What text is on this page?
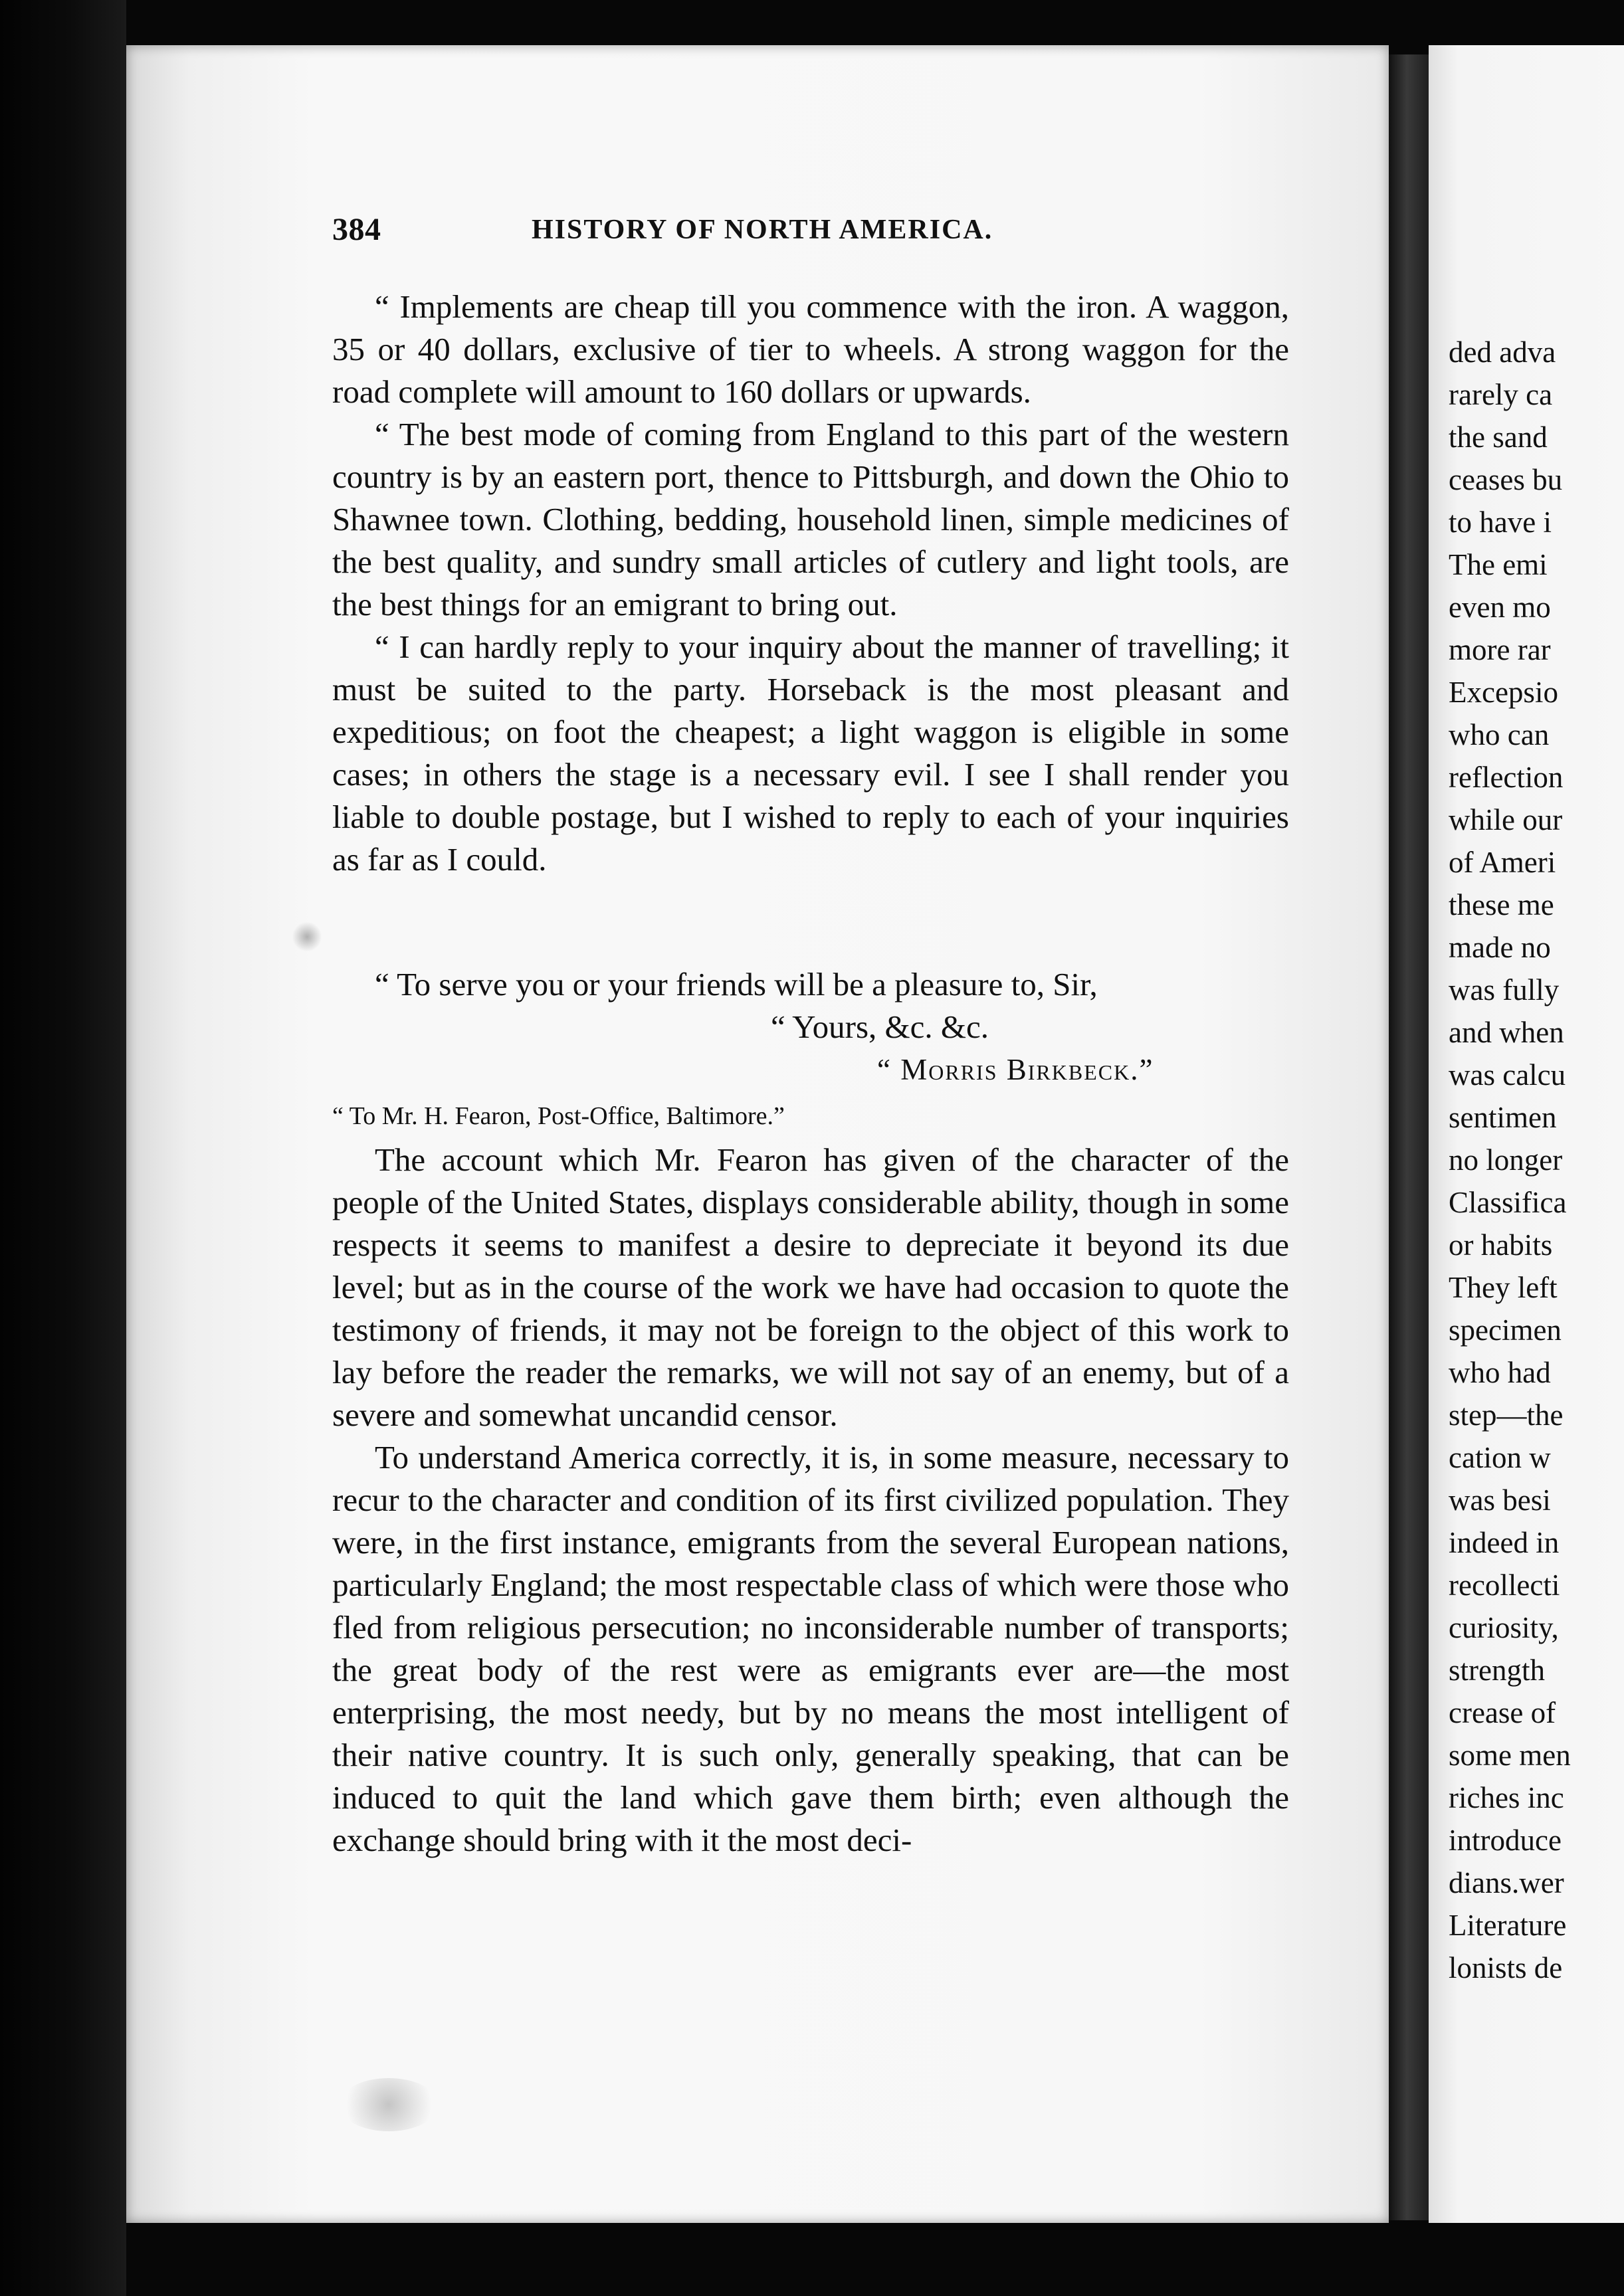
ded adva
rarely ca
the sand
ceases bu
to have i
The emi
even mo
more rar
Excepsio
who can
reflection
while our
of Ameri
these me
made no
was fully
and when
was calcu
sentimen
no longer
Classifica
or habits
They left
specimen
who had
step—the
cation w
was besi
indeed in
recollecti
curiosity,
strength
crease of
some men
riches inc
introduce
dians.wer
Literature
lonists de
384	HISTORY OF NORTH AMERICA.

“ Implements are cheap till you commence with the iron. A waggon, 35 or 40 dollars, exclusive of tier to wheels. A strong waggon for the road complete will amount to 160 dollars or upwards.

“ The best mode of coming from England to this part of the western country is by an eastern port, thence to Pittsburgh, and down the Ohio to Shawnee town. Clothing, bedding, household linen, simple medicines of the best quality, and sundry small articles of cutlery and light tools, are the best things for an emigrant to bring out.

“ I can hardly reply to your inquiry about the manner of travelling; it must be suited to the party. Horseback is the most pleasant and expeditious; on foot the cheapest; a light waggon is eligible in some cases; in others the stage is a necessary evil. I see I shall render you liable to double postage, but I wished to reply to each of your inquiries as far as I could.

“ To serve you or your friends will be a pleasure to, Sir,
“ Yours, &c. &c.
“ Morris Birkbeck.”
“ To Mr. H. Fearon, Post-Office, Baltimore.”

The account which Mr. Fearon has given of the character of the people of the United States, displays considerable ability, though in some respects it seems to manifest a desire to depreciate it beyond its due level; but as in the course of the work we have had occasion to quote the testimony of friends, it may not be foreign to the object of this work to lay before the reader the remarks, we will not say of an enemy, but of a severe and somewhat uncandid censor.

To understand America correctly, it is, in some measure, necessary to recur to the character and condition of its first civilized population. They were, in the first instance, emigrants from the several European nations, particularly England; the most respectable class of which were those who fled from religious persecution; no inconsiderable number of transports; the great body of the rest were as emigrants ever are—the most enterprising, the most needy, but by no means the most intelligent of their native country. It is such only, generally speaking, that can be induced to quit the land which gave them birth; even although the exchange should bring with it the most deci-
